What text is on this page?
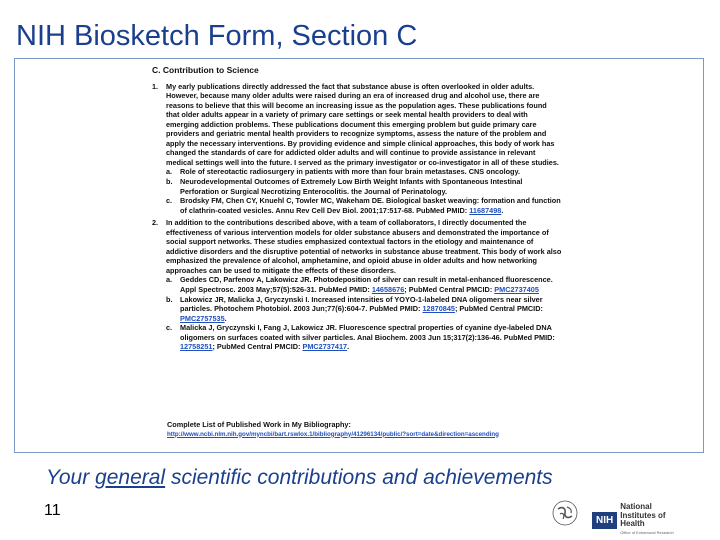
NIH Biosketch Form, Section C
C. Contribution to Science
1.	My early publications directly addressed the fact that substance abuse is often overlooked in older adults. However, because many older adults were raised during an era of increased drug and alcohol use, there are reasons to believe that this will become an increasing issue as the population ages. These publications found that older adults appear in a variety of primary care settings or seek mental health providers to deal with emerging addiction problems. These publications document this emerging problem but guide primary care providers and geriatric mental health providers to recognize symptoms, assess the nature of the problem and apply the necessary interventions. By providing evidence and simple clinical approaches, this body of work has changed the standards of care for addicted older adults and will continue to provide assistance in relevant medical settings well into the future. I served as the primary investigator or co-investigator in all of these studies.
a.	Role of stereotactic radiosurgery in patients with more than four brain metastases. CNS oncology.
b.	Neurodevelopmental Outcomes of Extremely Low Birth Weight Infants with Spontaneous Intestinal Perforation or Surgical Necrotizing Enterocolitis. the Journal of Perinatology.
c.	Brodsky FM, Chen CY, Knuehl C, Towler MC, Wakeham DE. Biological basket weaving: formation and function of clathrin-coated vesicles. Annu Rev Cell Dev Biol. 2001;17:517-68. PubMed PMID: 11687498.
2.	In addition to the contributions described above, with a team of collaborators, I directly documented the effectiveness of various intervention models for older substance abusers and demonstrated the importance of social support networks. These studies emphasized contextual factors in the etiology and maintenance of addictive disorders and the disruptive potential of networks in substance abuse treatment. This body of work also emphasized the prevalence of alcohol, amphetamine, and opioid abuse in older adults and how networking approaches can be used to mitigate the effects of these disorders.
a.	Geddes CD, Parfenov A, Lakowicz JR. Photodeposition of silver can result in metal-enhanced fluorescence. Appl Spectrosc. 2003 May;57(5):526-31. PubMed PMID: 14658676; PubMed Central PMCID: PMC2737405
b.	Lakowicz JR, Malicka J, Gryczynski I. Increased intensities of YOYO-1-labeled DNA oligomers near silver particles. Photochem Photobiol. 2003 Jun;77(6):604-7. PubMed PMID: 12870845; PubMed Central PMCID: PMC2757535.
c.	Malicka J, Gryczynski I, Fang J, Lakowicz JR. Fluorescence spectral properties of cyanine dye-labeled DNA oligomers on surfaces coated with silver particles. Anal Biochem. 2003 Jun 15;317(2):136-46. PubMed PMID: 12758251; PubMed Central PMCID: PMC2737417.
Complete List of Published Work in My Bibliography:
http://www.ncbi.nlm.nih.gov/myncbi/bart.rswlox.1/bibliography/41296134/public/?sort=date&direction=ascending
Your general scientific contributions and achievements
11
NIH
National Institutes of Health
Office of Extramural Research
